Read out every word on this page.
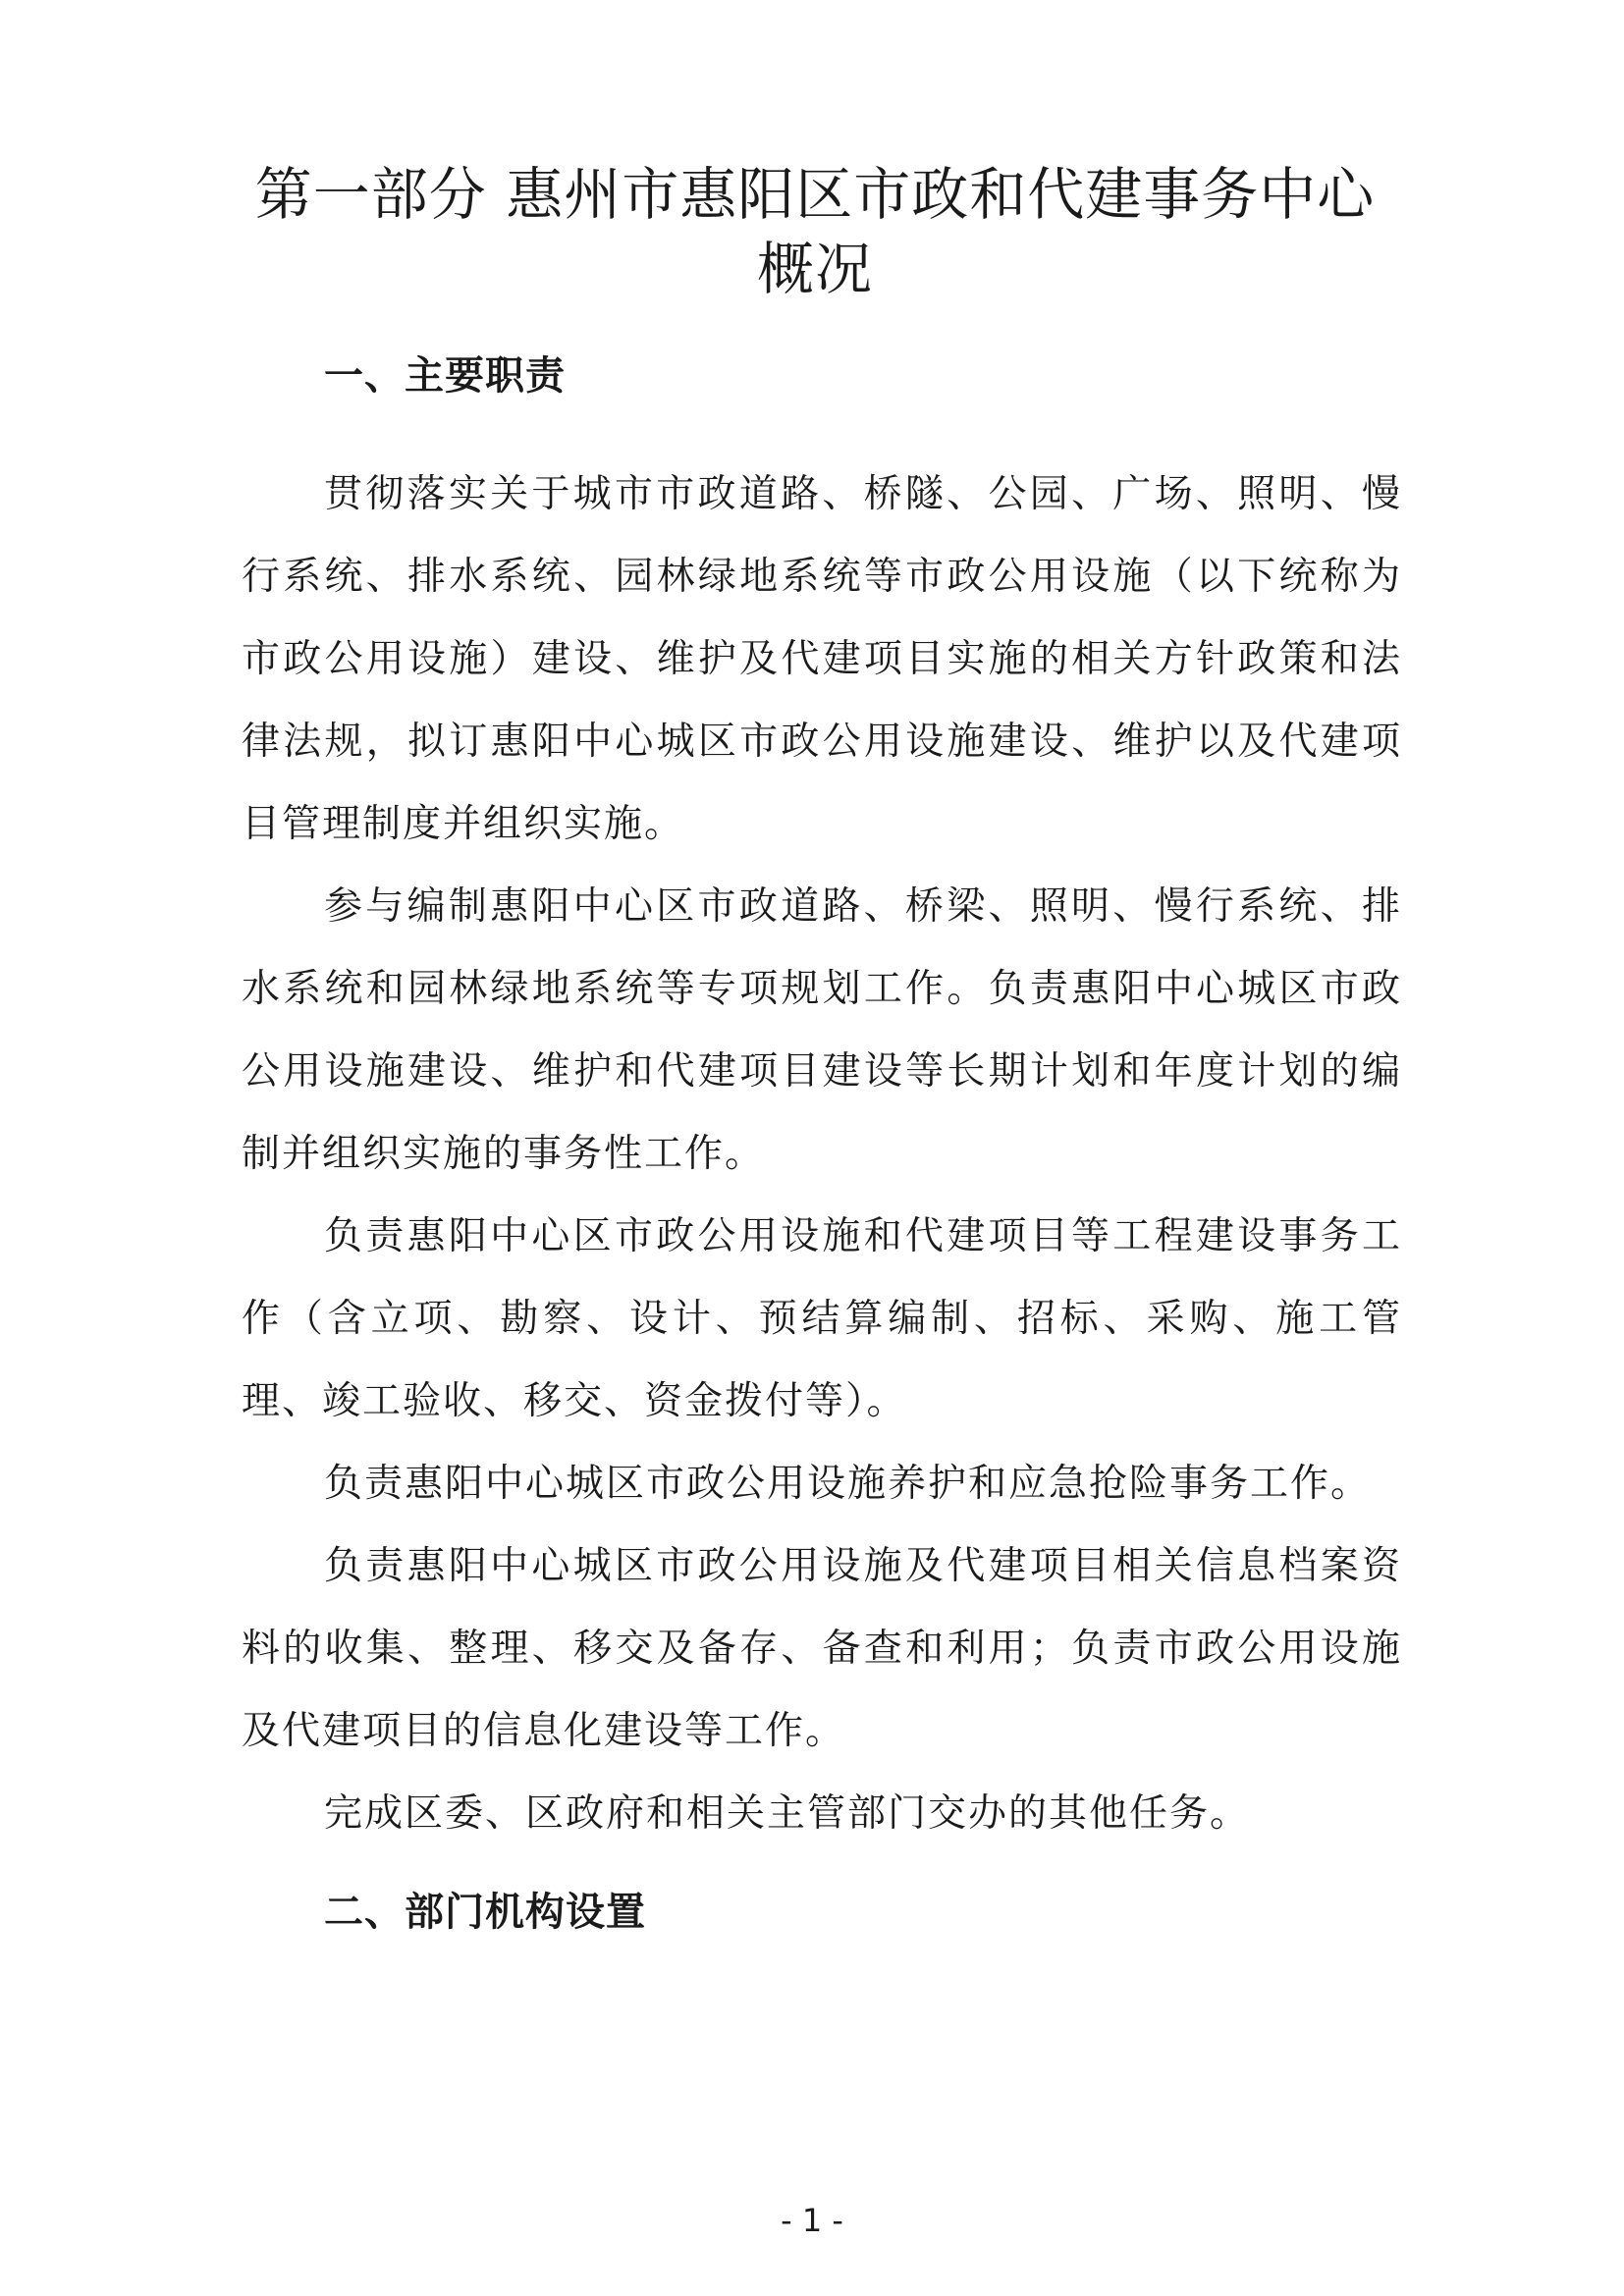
第一部分 惠州市惠阳区市政和代建事务中心概况
一、主要职责

贯彻落实关于城市市政道路、桥隧、公园、广场、照明、慢行系统、排水系统、园林绿地系统等市政公用设施（以下统称为市政公用设施）建设、维护及代建项目实施的相关方针政策和法律法规，拟订惠阳中心城区市政公用设施建设、维护以及代建项目管理制度并组织实施。

参与编制惠阳中心区市政道路、桥梁、照明、慢行系统、排水系统和园林绿地系统等专项规划工作。负责惠阳中心城区市政公用设施建设、维护和代建项目建设等长期计划和年度计划的编制并组织实施的事务性工作。

负责惠阳中心区市政公用设施和代建项目等工程建设事务工作（含立项、勘察、设计、预结算编制、招标、采购、施工管理、竣工验收、移交、资金拨付等）。

负责惠阳中心城区市政公用设施养护和应急抢险事务工作。

负责惠阳中心城区市政公用设施及代建项目相关信息档案资料的收集、整理、移交及备存、备查和利用；负责市政公用设施及代建项目的信息化建设等工作。

完成区委、区政府和相关主管部门交办的其他任务。

二、部门机构设置
- 1 -
